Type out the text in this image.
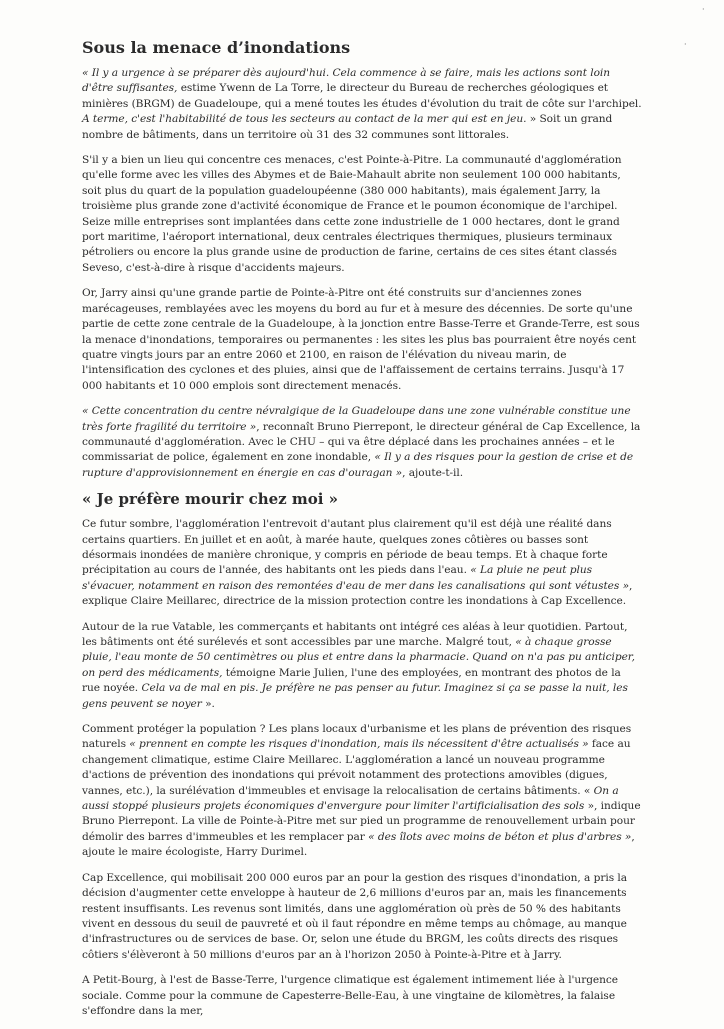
·
·
Sous la menace d’inondations

« Il y a urgence à se préparer dès aujourd'hui. Cela commence à se faire, mais les actions sont loin d'être suffisantes, estime Ywenn de La Torre, le directeur du Bureau de recherches géologiques et minières (BRGM) de Guadeloupe, qui a mené toutes les études d'évolution du trait de côte sur l'archipel. A terme, c'est l'habitabilité de tous les secteurs au contact de la mer qui est en jeu. » Soit un grand nombre de bâtiments, dans un territoire où 31 des 32 communes sont littorales.

S'il y a bien un lieu qui concentre ces menaces, c'est Pointe-à-Pitre. La communauté d'agglomération qu'elle forme avec les villes des Abymes et de Baie-Mahault abrite non seulement 100 000 habitants, soit plus du quart de la population guadeloupéenne (380 000 habitants), mais également Jarry, la troisième plus grande zone d'activité économique de France et le poumon économique de l'archipel. Seize mille entreprises sont implantées dans cette zone industrielle de 1 000 hectares, dont le grand port maritime, l'aéroport international, deux centrales électriques thermiques, plusieurs terminaux pétroliers ou encore la plus grande usine de production de farine, certains de ces sites étant classés Seveso, c'est-à-dire à risque d'accidents majeurs.

Or, Jarry ainsi qu'une grande partie de Pointe-à-Pitre ont été construits sur d'anciennes zones marécageuses, remblayées avec les moyens du bord au fur et à mesure des décennies. De sorte qu'une partie de cette zone centrale de la Guadeloupe, à la jonction entre Basse-Terre et Grande-Terre, est sous la menace d'inondations, temporaires ou permanentes : les sites les plus bas pourraient être noyés cent quatre vingts jours par an entre 2060 et 2100, en raison de l'élévation du niveau marin, de l'intensification des cyclones et des pluies, ainsi que de l'affaissement de certains terrains. Jusqu'à 17 000 habitants et 10 000 emplois sont directement menacés.

« Cette concentration du centre névralgique de la Guadeloupe dans une zone vulnérable constitue une très forte fragilité du territoire », reconnaît Bruno Pierrepont, le directeur général de Cap Excellence, la communauté d'agglomération. Avec le CHU – qui va être déplacé dans les prochaines années – et le commissariat de police, également en zone inondable, « Il y a des risques pour la gestion de crise et de rupture d'approvisionnement en énergie en cas d'ouragan », ajoute-t-il.

« Je préfère mourir chez moi »

Ce futur sombre, l'agglomération l'entrevoit d'autant plus clairement qu'il est déjà une réalité dans certains quartiers. En juillet et en août, à marée haute, quelques zones côtières ou basses sont désormais inondées de manière chronique, y compris en période de beau temps. Et à chaque forte précipitation au cours de l'année, des habitants ont les pieds dans l'eau. « La pluie ne peut plus s'évacuer, notamment en raison des remontées d'eau de mer dans les canalisations qui sont vétustes », explique Claire Meillarec, directrice de la mission protection contre les inondations à Cap Excellence.

Autour de la rue Vatable, les commerçants et habitants ont intégré ces aléas à leur quotidien. Partout, les bâtiments ont été surélevés et sont accessibles par une marche. Malgré tout, « à chaque grosse pluie, l'eau monte de 50 centimètres ou plus et entre dans la pharmacie. Quand on n'a pas pu anticiper, on perd des médicaments, témoigne Marie Julien, l'une des employées, en montrant des photos de la rue noyée. Cela va de mal en pis. Je préfère ne pas penser au futur. Imaginez si ça se passe la nuit, les gens peuvent se noyer ».

Comment protéger la population ? Les plans locaux d'urbanisme et les plans de prévention des risques naturels « prennent en compte les risques d'inondation, mais ils nécessitent d'être actualisés » face au changement climatique, estime Claire Meillarec. L'agglomération a lancé un nouveau programme d'actions de prévention des inondations qui prévoit notamment des protections amovibles (digues, vannes, etc.), la surélévation d'immeubles et envisage la relocalisation de certains bâtiments. « On a aussi stoppé plusieurs projets économiques d'envergure pour limiter l'artificialisation des sols », indique Bruno Pierrepont. La ville de Pointe-à-Pitre met sur pied un programme de renouvellement urbain pour démolir des barres d'immeubles et les remplacer par « des îlots avec moins de béton et plus d'arbres », ajoute le maire écologiste, Harry Durimel.

Cap Excellence, qui mobilisait 200 000 euros par an pour la gestion des risques d'inondation, a pris la décision d'augmenter cette enveloppe à hauteur de 2,6 millions d'euros par an, mais les financements restent insuffisants. Les revenus sont limités, dans une agglomération où près de 50 % des habitants vivent en dessous du seuil de pauvreté et où il faut répondre en même temps au chômage, au manque d'infrastructures ou de services de base. Or, selon une étude du BRGM, les coûts directs des risques côtiers s'élèveront à 50 millions d'euros par an à l'horizon 2050 à Pointe-à-Pitre et à Jarry.

A Petit-Bourg, à l'est de Basse-Terre, l'urgence climatique est également intimement liée à l'urgence sociale. Comme pour la commune de Capesterre-Belle-Eau, à une vingtaine de kilomètres, la falaise s'effondre dans la mer,
